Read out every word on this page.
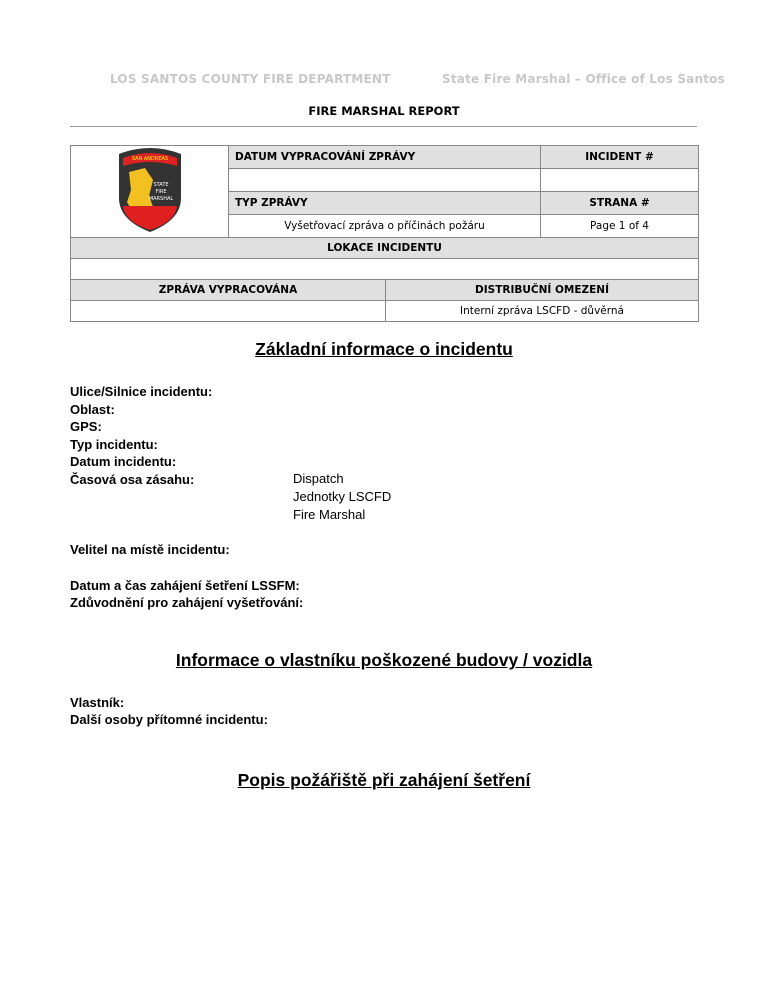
LOS SANTOS COUNTY FIRE DEPARTMENT	State Fire Marshal – Office of Los Santos
FIRE MARSHAL REPORT
SAN ANDREAS
STATE
FIRE
MARSHAL	DATUM VYPRACOVÁNÍ ZPRÁVY		INCIDENT #

	TYP ZPRÁVY		STRANA #
	Vyšetřovací zpráva o příčinách požáru		Page 1 of 4
LOKACE INCIDENTU			

ZPRÁVA VYPRACOVÁNA		DISTRIBUČNÍ OMEZENÍ	
		Interní zpráva LSCFD - důvěrná	
Základní informace o incidentu
Ulice/Silnice incidentu:
Oblast:
GPS:
Typ incidentu:
Datum incidentu:
Časová osa zásahu:	Dispatch
Jednotky LSCFD
Fire Marshal
Velitel na místě incidentu:
Datum a čas zahájení šetření LSSFM:
Zdůvodnění pro zahájení vyšetřování:
Informace o vlastníku poškozené budovy / vozidla
Vlastník:
Další osoby přítomné incidentu:
Popis požářiště při zahájení šetření
